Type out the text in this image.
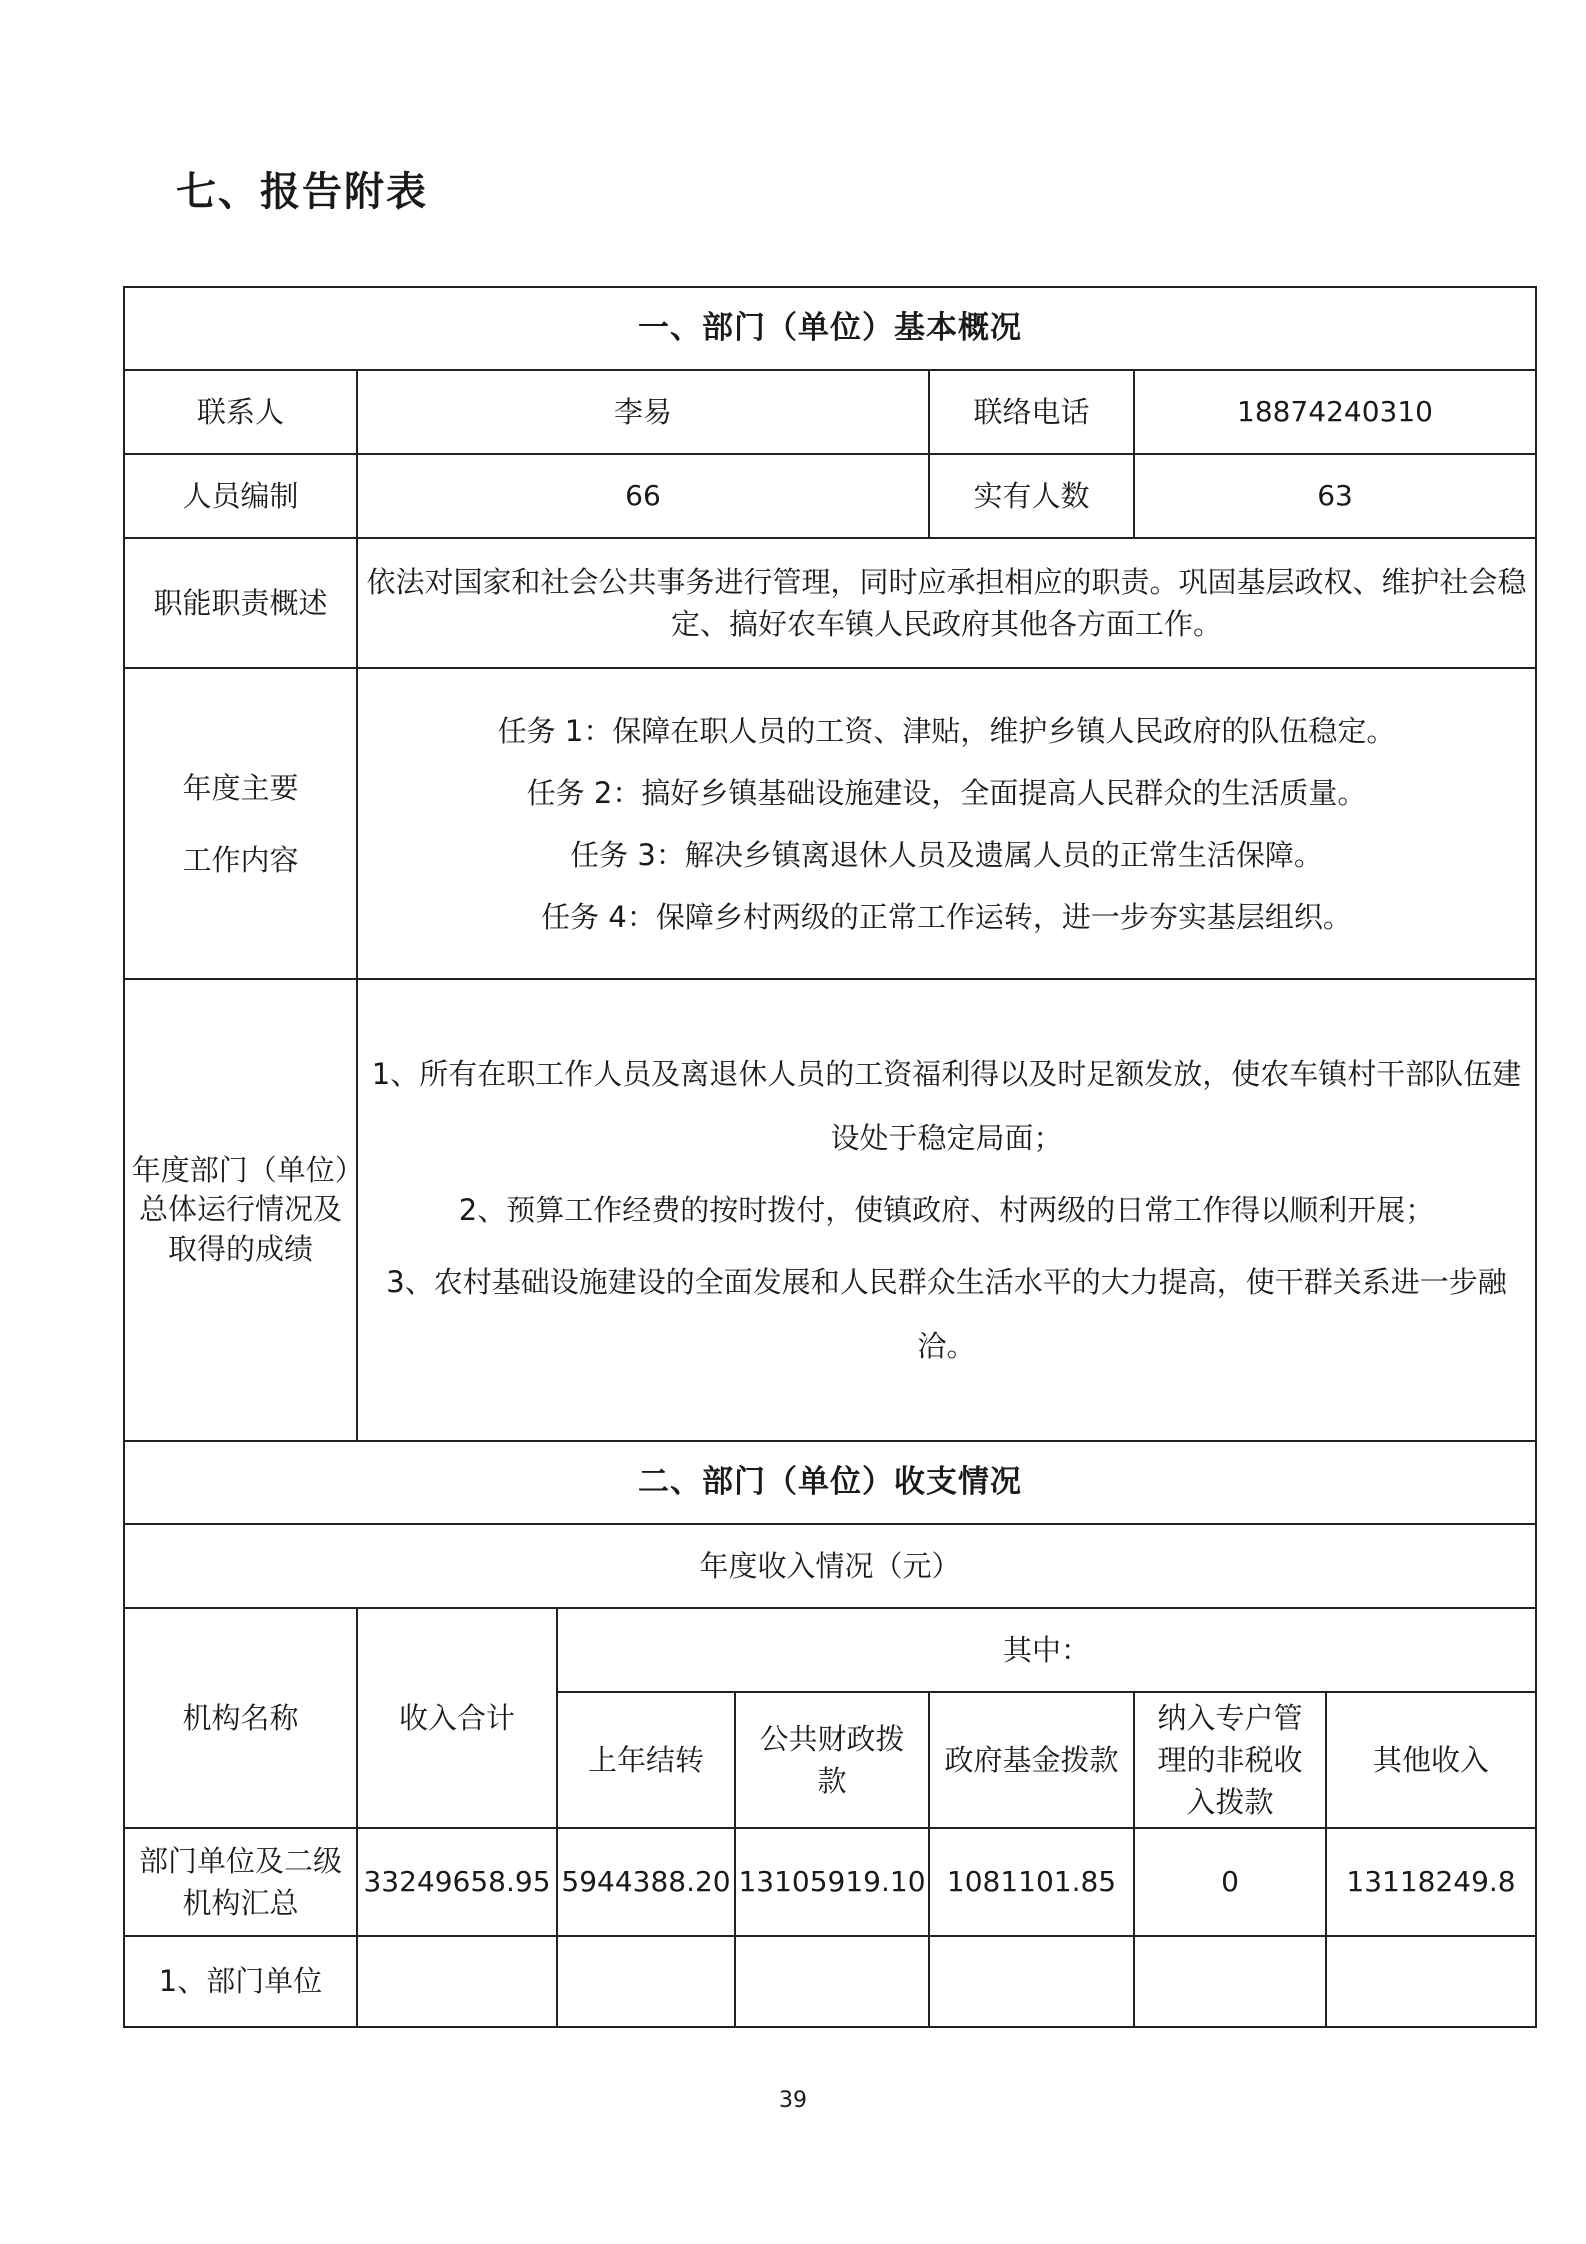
七、报告附表
一、部门（单位）基本概况						
联系人	李易			联络电话	18874240310	
人员编制	66			实有人数	63	
职能职责概述	依法对国家和社会公共事务进行管理，同时应承担相应的职责。巩固基层政权、维护社会稳定、搞好农车镇人民政府其他各方面工作。					

年度主要
工作内容	任务 1：保障在职人员的工资、津贴，维护乡镇人民政府的队伍稳定。
任务 2：搞好乡镇基础设施建设，全面提高人民群众的生活质量。
任务 3：解决乡镇离退休人员及遗属人员的正常生活保障。
任务 4：保障乡村两级的正常工作运转，进一步夯实基层组织。					

年度部门（单位）总体运行情况及取得的成绩	1、所有在职工作人员及离退休人员的工资福利得以及时足额发放，使农车镇村干部队伍建设处于稳定局面；
2、预算工作经费的按时拨付，使镇政府、村两级的日常工作得以顺利开展；
3、农村基础设施建设的全面发展和人民群众生活水平的大力提高，使干群关系进一步融洽。					

二、部门（单位）收支情况						
年度收入情况（元）						
机构名称	收入合计	其中：				
		上年结转	公共财政拨款	政府基金拨款	纳入专户管理的非税收入拨款	其他收入
部门单位及二级机构汇总	33249658.95	5944388.20	13105919.10	1081101.85	0	13118249.8
1、部门单位						
39
